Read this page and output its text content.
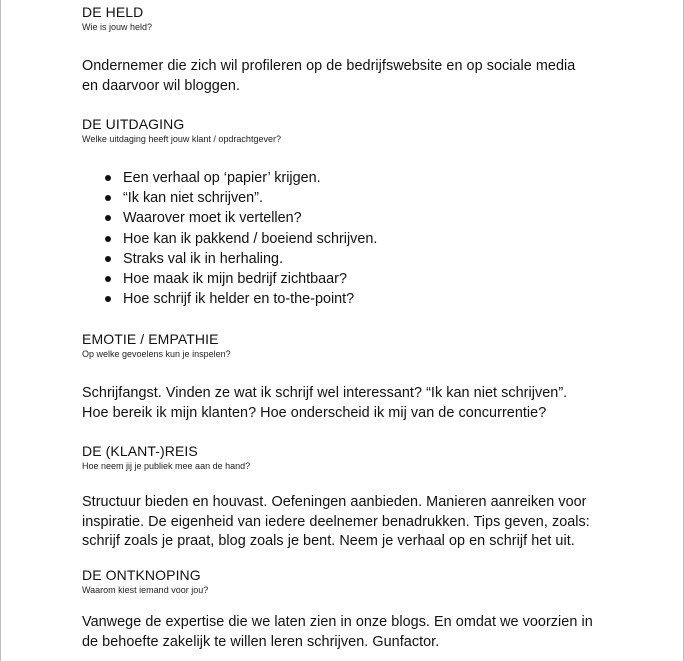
DE HELD

Wie is jouw held?

Ondernemer die zich wil profileren op de bedrijfswebsite en op sociale media

en daarvoor wil bloggen.

DE UITDAGING

Welke uitdaging heeft jouw klant / opdrachtgever?

Een verhaal op ‘papier’ krijgen.
“Ik kan niet schrijven”.
Waarover moet ik vertellen?
Hoe kan ik pakkend / boeiend schrijven.
Straks val ik in herhaling.
Hoe maak ik mijn bedrijf zichtbaar?
Hoe schrijf ik helder en to-the-point?

EMOTIE / EMPATHIE

Op welke gevoelens kun je inspelen?

Schrijfangst. Vinden ze wat ik schrijf wel interessant? “Ik kan niet schrijven”.

Hoe bereik ik mijn klanten? Hoe onderscheid ik mij van de concurrentie?

DE (KLANT-)REIS

Hoe neem jij je publiek mee aan de hand?

Structuur bieden en houvast. Oefeningen aanbieden. Manieren aanreiken voor

inspiratie. De eigenheid van iedere deelnemer benadrukken. Tips geven, zoals:

schrijf zoals je praat, blog zoals je bent. Neem je verhaal op en schrijf het uit.

DE ONTKNOPING

Waarom kiest iemand voor jou?

Vanwege de expertise die we laten zien in onze blogs. En omdat we voorzien in

de behoefte zakelijk te willen leren schrijven. Gunfactor.
